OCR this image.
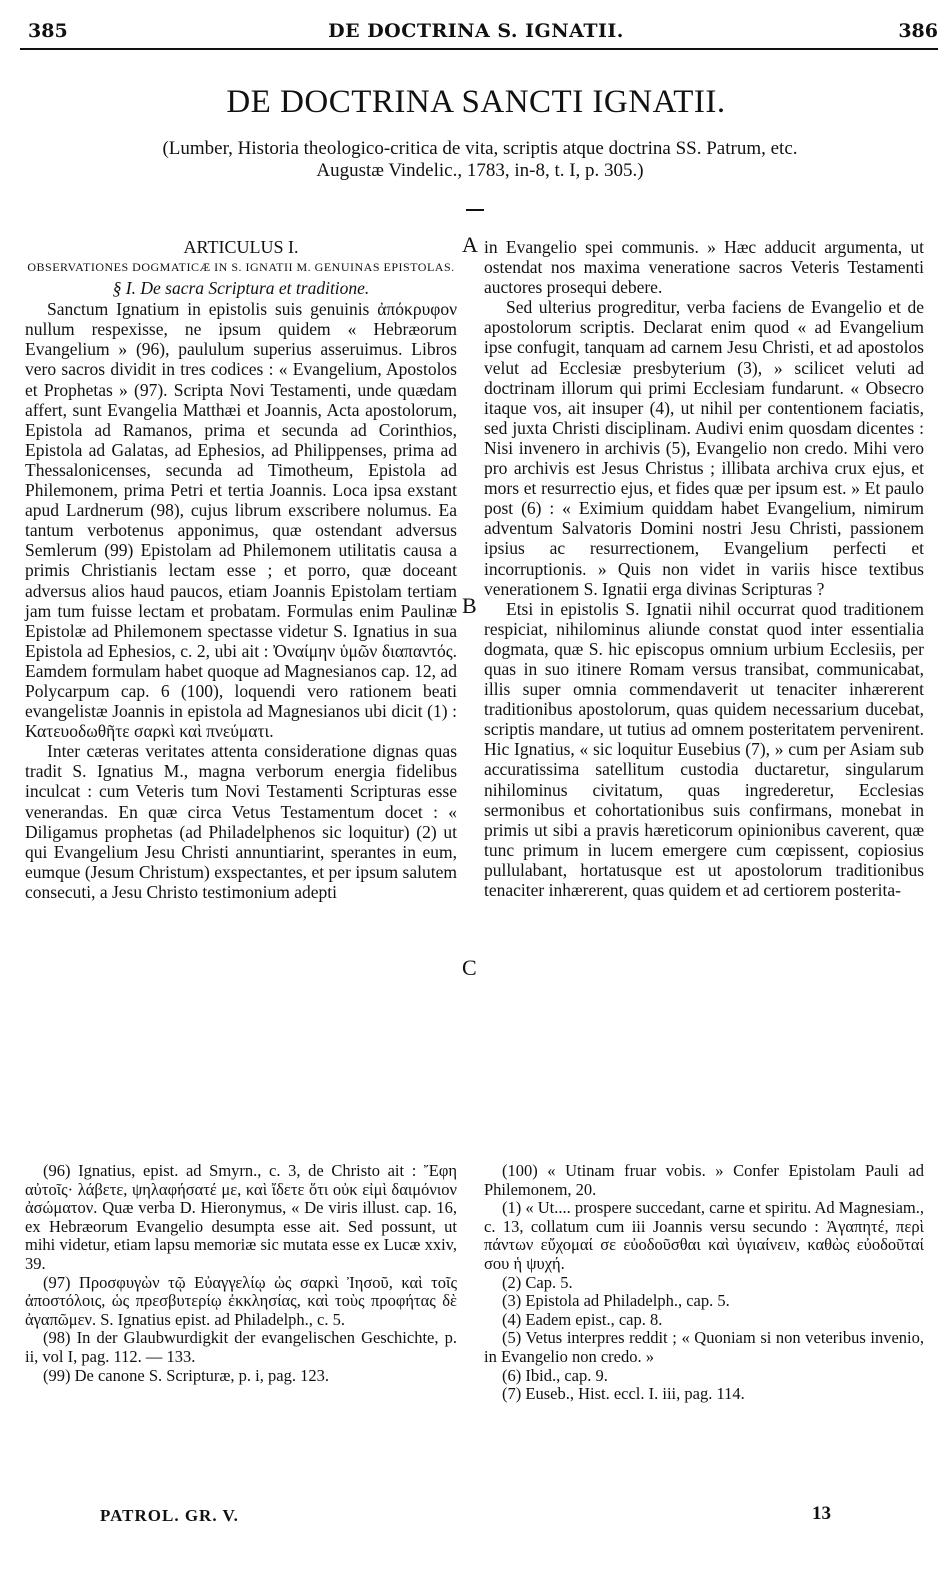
385	DE DOCTRINA S. IGNATII.	386
DE DOCTRINA SANCTI IGNATII.
(Lumber, Historia theologico-critica de vita, scriptis atque doctrina SS. Patrum, etc.
Augustæ Vindelic., 1783, in-8, t. I, p. 305.)
ARTICULUS I.
OBSERVATIONES DOGMATICÆ IN S. IGNATII M. GENUINAS EPISTOLAS.
§ I. De sacra Scriptura et traditione.

Sanctum Ignatium in epistolis suis genuinis ἀπόκρυφον nullum respexisse, ne ipsum quidem « Hebræorum Evangelium » (96), paululum superius asseruimus. Libros vero sacros dividit in tres codices : « Evangelium, Apostolos et Prophetas » (97). Scripta Novi Testamenti, unde quædam affert, sunt Evangelia Matthæi et Joannis, Acta apostolorum, Epistola ad Ramanos, prima et secunda ad Corinthios, Epistola ad Galatas, ad Ephesios, ad Philippenses, prima ad Thessalonicenses, secunda ad Timotheum, Epistola ad Philemonem, prima Petri et tertia Joannis. Loca ipsa exstant apud Lardnerum (98), cujus librum exscribere nolumus. Ea tantum verbotenus apponimus, quæ ostendant adversus Semlerum (99) Epistolam ad Philemonem utilitatis causa a primis Christianis lectam esse ; et porro, quæ doceant adversus alios haud paucos, etiam Joannis Epistolam tertiam jam tum fuisse lectam et probatam. Formulas enim Paulinæ Epistolæ ad Philemonem spectasse videtur S. Ignatius in sua Epistola ad Ephesios, c. 2, ubi ait : Ὀναίμην ὑμῶν διαπαντός. Eamdem formulam habet quoque ad Magnesianos cap. 12, ad Polycarpum cap. 6 (100), loquendi vero rationem beati evangelistæ Joannis in epistola ad Magnesianos ubi dicit (1) : Κατευοδωθῆτε σαρκὶ καὶ πνεύματι.

Inter cæteras veritates attenta consideratione dignas quas tradit S. Ignatius M., magna verborum energia fidelibus inculcat : cum Veteris tum Novi Testamenti Scripturas esse venerandas. En quæ circa Vetus Testamentum docet : « Diligamus prophetas (ad Philadelphenos sic loquitur) (2) ut qui Evangelium Jesu Christi annuntiarint, sperantes in eum, eumque (Jesum Christum) exspectantes, et per ipsum salutem consecuti, a Jesu Christo testimonium adepti

A
B
C

in Evangelio spei communis. » Hæc adducit argumenta, ut ostendat nos maxima veneratione sacros Veteris Testamenti auctores prosequi debere.

Sed ulterius progreditur, verba faciens de Evangelio et de apostolorum scriptis. Declarat enim quod « ad Evangelium ipse confugit, tanquam ad carnem Jesu Christi, et ad apostolos velut ad Ecclesiæ presbyterium (3), » scilicet veluti ad doctrinam illorum qui primi Ecclesiam fundarunt. « Obsecro itaque vos, ait insuper (4), ut nihil per contentionem faciatis, sed juxta Christi disciplinam. Audivi enim quosdam dicentes : Nisi invenero in archivis (5), Evangelio non credo. Mihi vero pro archivis est Jesus Christus ; illibata archiva crux ejus, et mors et resurrectio ejus, et fides quæ per ipsum est. » Et paulo post (6) : « Eximium quiddam habet Evangelium, nimirum adventum Salvatoris Domini nostri Jesu Christi, passionem ipsius ac resurrectionem, Evangelium perfecti et incorruptionis. » Quis non videt in variis hisce textibus venerationem S. Ignatii erga divinas Scripturas ?

Etsi in epistolis S. Ignatii nihil occurrat quod traditionem respiciat, nihilominus aliunde constat quod inter essentialia dogmata, quæ S. hic episcopus omnium urbium Ecclesiis, per quas in suo itinere Romam versus transibat, communicabat, illis super omnia commendaverit ut tenaciter inhærerent traditionibus apostolorum, quas quidem necessarium ducebat, scriptis mandare, ut tutius ad omnem posteritatem pervenirent. Hic Ignatius, « sic loquitur Eusebius (7), » cum per Asiam sub accuratissima satellitum custodia ductaretur, singularum nihilominus civitatum, quas ingrederetur, Ecclesias sermonibus et cohortationibus suis confirmans, monebat in primis ut sibi a pravis hæreticorum opinionibus caverent, quæ tunc primum in lucem emergere cum cœpissent, copiosius pullulabant, hortatusque est ut apostolorum traditionibus tenaciter inhærerent, quas quidem et ad certiorem posterita-

(96) Ignatius, epist. ad Smyrn., c. 3, de Christo ait : Ἔφη αὐτοῖς· λάβετε, ψηλαφήσατέ με, καὶ ἴδετε ὅτι οὐκ εἰμὶ δαιμόνιον ἀσώματον. Quæ verba D. Hieronymus, « De viris illust. cap. 16, ex Hebræorum Evangelio desumpta esse ait. Sed possunt, ut mihi videtur, etiam lapsu memoriæ sic mutata esse ex Lucæ xxiv, 39.

(97) Προσφυγὼν τῷ Εὐαγγελίῳ ὡς σαρκὶ Ἰησοῦ, καὶ τοῖς ἀποστόλοις, ὡς πρεσβυτερίῳ ἐκκλησίας, καὶ τοὺς προφήτας δὲ ἀγαπῶμεν. S. Ignatius epist. ad Philadelph., c. 5.

(98) In der Glaubwurdigkit der evangelischen Geschichte, p. ii, vol I, pag. 112. — 133.

(99) De canone S. Scripturæ, p. i, pag. 123.

(100) « Utinam fruar vobis. » Confer Epistolam Pauli ad Philemonem, 20.

(1) « Ut.... prospere succedant, carne et spiritu. Ad Magnesiam., c. 13, collatum cum iii Joannis versu secundo : Ἀγαπητέ, περὶ πάντων εὔχομαί σε εὐοδοῦσθαι καὶ ὑγιαίνειν, καθὼς εὐοδοῦταί σου ἡ ψυχή.

(2) Cap. 5.

(3) Epistola ad Philadelph., cap. 5.

(4) Eadem epist., cap. 8.

(5) Vetus interpres reddit ; « Quoniam si non veteribus invenio, in Evangelio non credo. »

(6) Ibid., cap. 9.

(7) Euseb., Hist. eccl. I. iii, pag. 114.

PATROL. GR. V.	13
